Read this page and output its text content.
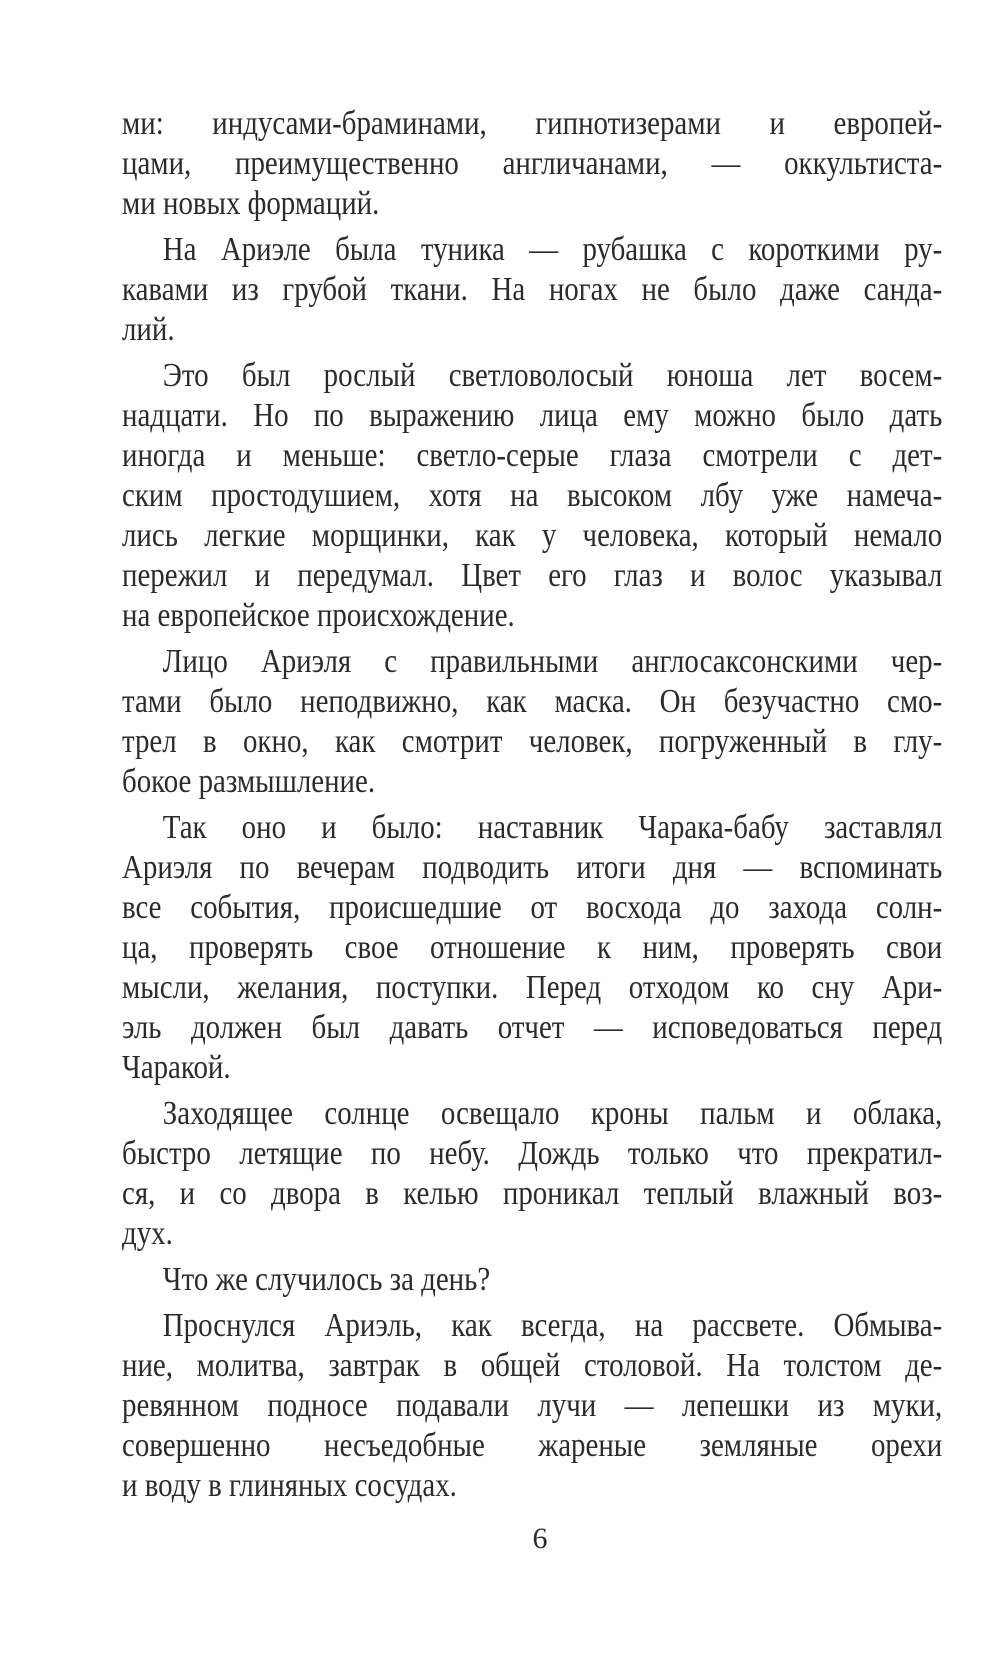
ми: индусами-браминами, гипнотизерами и европей-
цами, преимущественно англичанами, — оккультиста-
ми новых формаций.
На Ариэле была туника — рубашка с короткими ру-
кавами из грубой ткани. На ногах не было даже санда-
лий.
Это был рослый светловолосый юноша лет восем-
надцати. Но по выражению лица ему можно было дать
иногда и меньше: светло-серые глаза смотрели с дет-
ским простодушием, хотя на высоком лбу уже намеча-
лись легкие морщинки, как у человека, который немало
пережил и передумал. Цвет его глаз и волос указывал
на европейское происхождение.
Лицо Ариэля с правильными англосаксонскими чер-
тами было неподвижно, как маска. Он безучастно смо-
трел в окно, как смотрит человек, погруженный в глу-
бокое размышление.
Так оно и было: наставник Чарака-бабу заставлял
Ариэля по вечерам подводить итоги дня — вспоминать
все события, происшедшие от восхода до захода солн-
ца, проверять свое отношение к ним, проверять свои
мысли, желания, поступки. Перед отходом ко сну Ари-
эль должен был давать отчет — исповедоваться перед
Чаракой.
Заходящее солнце освещало кроны пальм и облака,
быстро летящие по небу. Дождь только что прекратил-
ся, и со двора в келью проникал теплый влажный воз-
дух.
Что же случилось за день?
Проснулся Ариэль, как всегда, на рассвете. Обмыва-
ние, молитва, завтрак в общей столовой. На толстом де-
ревянном подносе подавали лучи — лепешки из муки,
совершенно несъедобные жареные земляные орехи
и воду в глиняных сосудах.
6
